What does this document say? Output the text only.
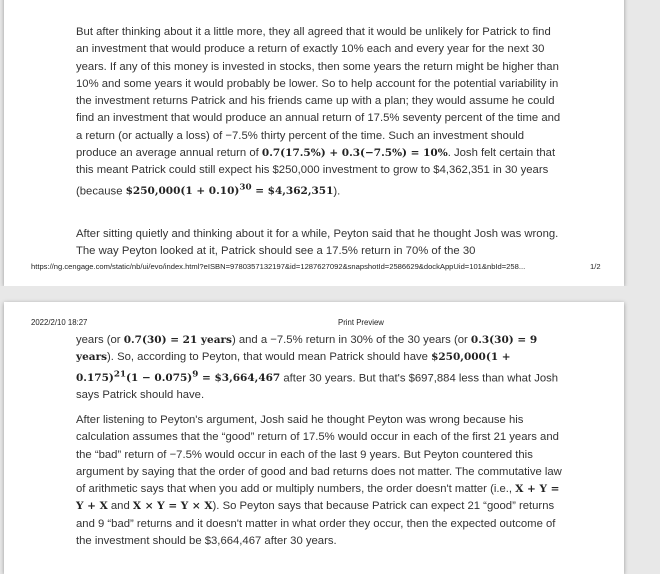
But after thinking about it a little more, they all agreed that it would be unlikely for Patrick to find an investment that would produce a return of exactly 10% each and every year for the next 30 years. If any of this money is invested in stocks, then some years the return might be higher than 10% and some years it would probably be lower. So to help account for the potential variability in the investment returns Patrick and his friends came up with a plan; they would assume he could find an investment that would produce an annual return of 17.5% seventy percent of the time and a return (or actually a loss) of −7.5% thirty percent of the time. Such an investment should produce an average annual return of 0.7(17.5%) + 0.3(−7.5%) = 10%. Josh felt certain that this meant Patrick could still expect his $250,000 investment to grow to $4,362,351 in 30 years (because $250,000(1 + 0.10)$^{30}$ = $4,362,351).

After sitting quietly and thinking about it for a while, Peyton said that he thought Josh was wrong. The way Peyton looked at it, Patrick should see a 17.5% return in 70% of the 30

https://ng.cengage.com/static/nb/ui/evo/index.html?eISBN=9780357132197&id=1287627092&snapshotId=2586629&dockAppUid=101&nbId=258...	1/2
2022/2/10 18:27	Print Preview

years (or 0.7(30) = 21 years) and a −7.5% return in 30% of the 30 years (or 0.3(30) = 9 years). So, according to Peyton, that would mean Patrick should have $250,000(1 + $0.175)^{21}(1 - 0.075)^9$ = $3,664,467 after 30 years. But that's $697,884 less than what Josh says Patrick should have.

After listening to Peyton's argument, Josh said he thought Peyton was wrong because his calculation assumes that the “good” return of 17.5% would occur in each of the first 21 years and the “bad” return of −7.5% would occur in each of the last 9 years. But Peyton countered this argument by saying that the order of good and bad returns does not matter. The commutative law of arithmetic says that when you add or multiply numbers, the order doesn't matter (i.e., X + Y = Y + X and X × Y = Y × X). So Peyton says that because Patrick can expect 21 “good” returns and 9 “bad” returns and it doesn't matter in what order they occur, then the expected outcome of the investment should be $3,664,467 after 30 years.
